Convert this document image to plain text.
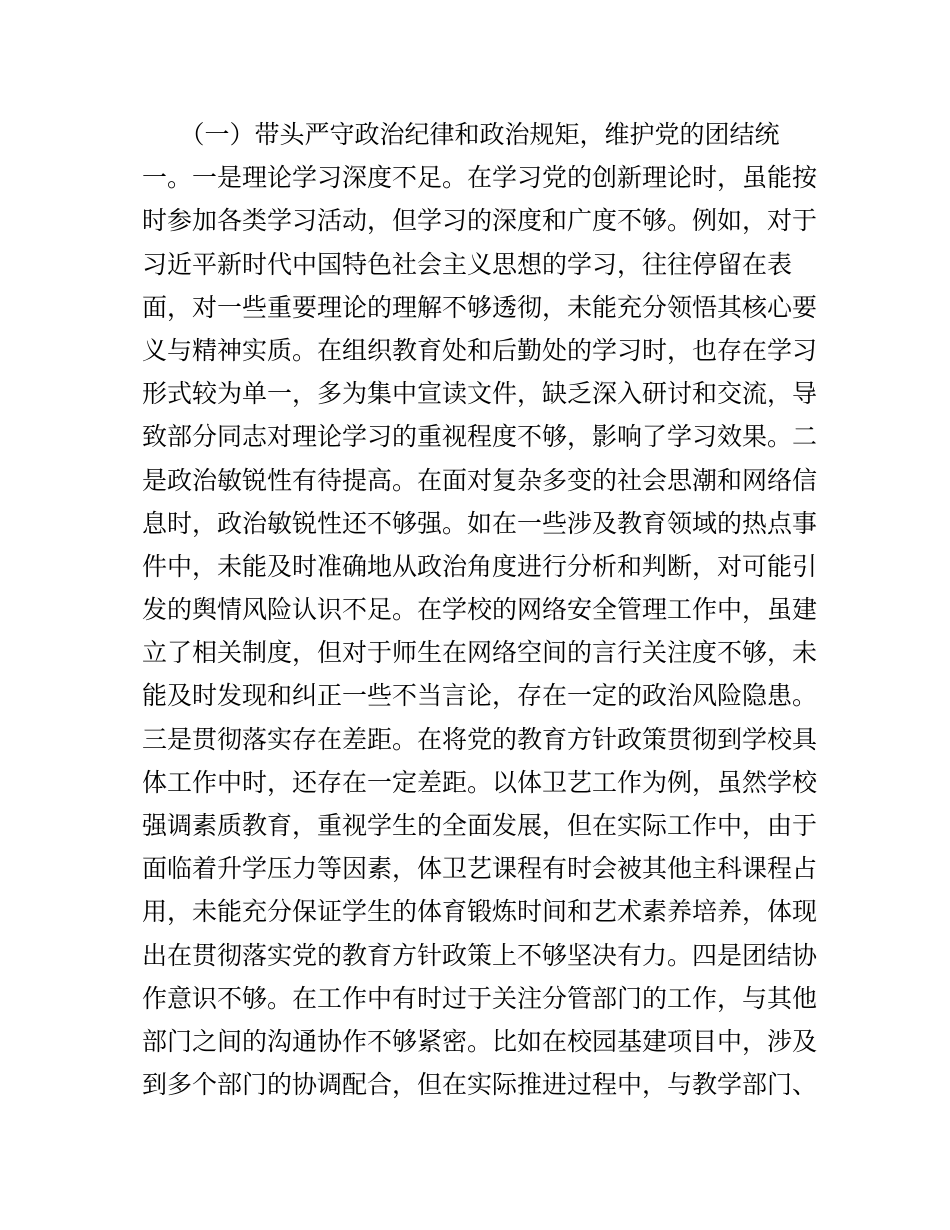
　　（一）带头严守政治纪律和政治规矩，维护党的团结统
一。一是理论学习深度不足。在学习党的创新理论时，虽能按
时参加各类学习活动，但学习的深度和广度不够。例如，对于
习近平新时代中国特色社会主义思想的学习，往往停留在表
面，对一些重要理论的理解不够透彻，未能充分领悟其核心要
义与精神实质。在组织教育处和后勤处的学习时，也存在学习
形式较为单一，多为集中宣读文件，缺乏深入研讨和交流，导
致部分同志对理论学习的重视程度不够，影响了学习效果。二
是政治敏锐性有待提高。在面对复杂多变的社会思潮和网络信
息时，政治敏锐性还不够强。如在一些涉及教育领域的热点事
件中，未能及时准确地从政治角度进行分析和判断，对可能引
发的舆情风险认识不足。在学校的网络安全管理工作中，虽建
立了相关制度，但对于师生在网络空间的言行关注度不够，未
能及时发现和纠正一些不当言论，存在一定的政治风险隐患。
三是贯彻落实存在差距。在将党的教育方针政策贯彻到学校具
体工作中时，还存在一定差距。以体卫艺工作为例，虽然学校
强调素质教育，重视学生的全面发展，但在实际工作中，由于
面临着升学压力等因素，体卫艺课程有时会被其他主科课程占
用，未能充分保证学生的体育锻炼时间和艺术素养培养，体现
出在贯彻落实党的教育方针政策上不够坚决有力。四是团结协
作意识不够。在工作中有时过于关注分管部门的工作，与其他
部门之间的沟通协作不够紧密。比如在校园基建项目中，涉及
到多个部门的协调配合，但在实际推进过程中，与教学部门、
